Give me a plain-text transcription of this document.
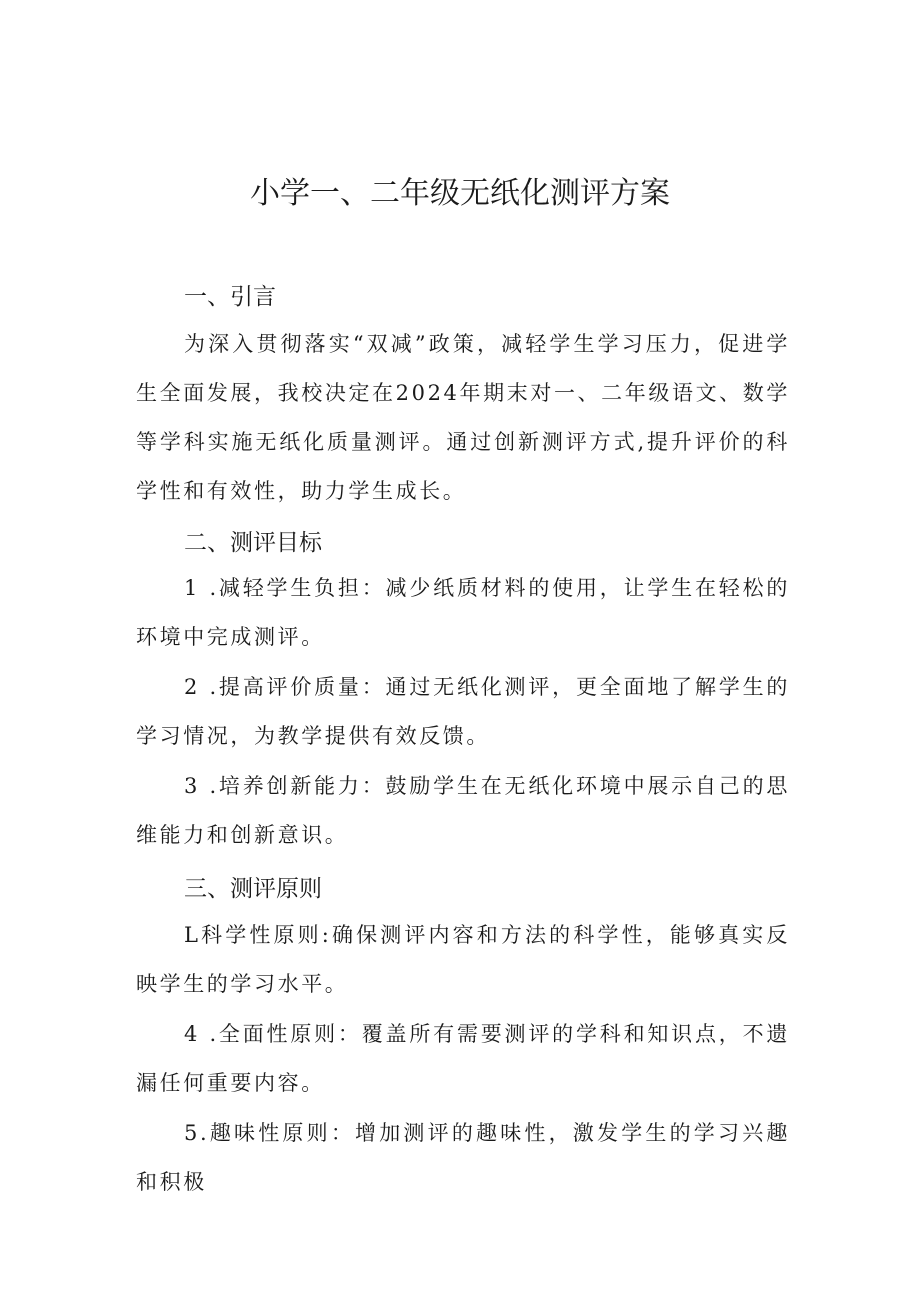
小学一、二年级无纸化测评方案
一、引言

为深入贯彻落实“双减”政策，减轻学生学习压力，促进学生全面发展，我校决定在2024年期末对一、二年级语文、数学等学科实施无纸化质量测评。通过创新测评方式,提升评价的科学性和有效性，助力学生成长。

二、测评目标

1 .减轻学生负担：减少纸质材料的使用，让学生在轻松的环境中完成测评。

2 .提高评价质量：通过无纸化测评，更全面地了解学生的学习情况，为教学提供有效反馈。

3 .培养创新能力：鼓励学生在无纸化环境中展示自己的思维能力和创新意识。

三、测评原则

L科学性原则:确保测评内容和方法的科学性，能够真实反映学生的学习水平。

4 .全面性原则：覆盖所有需要测评的学科和知识点，不遗漏任何重要内容。

5.趣味性原则：增加测评的趣味性，激发学生的学习兴趣和积极
